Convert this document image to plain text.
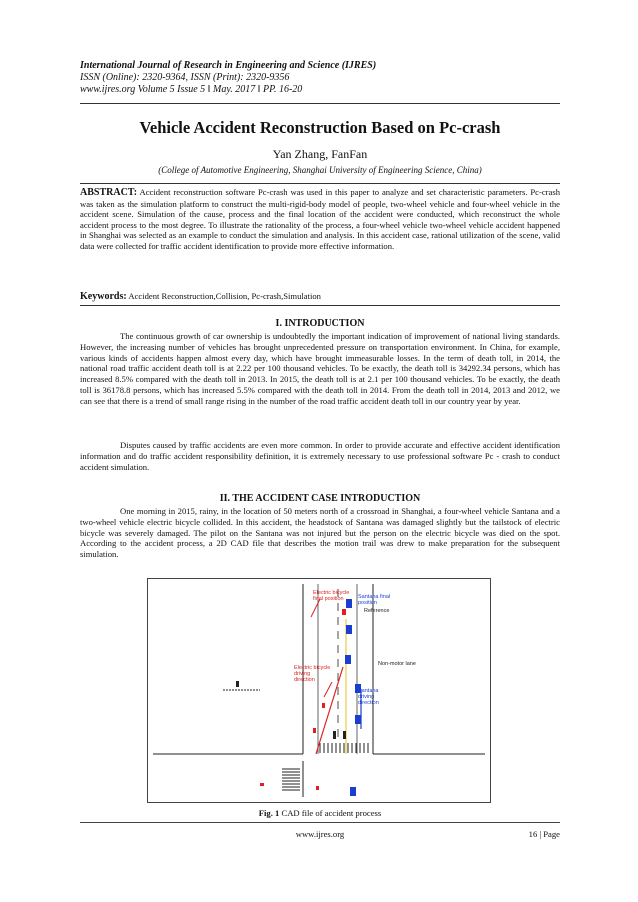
International Journal of Research in Engineering and Science (IJRES)
ISSN (Online): 2320-9364, ISSN (Print): 2320-9356
www.ijres.org Volume 5 Issue 5 ǁ May. 2017 ǁ PP. 16-20
Vehicle Accident Reconstruction Based on Pc-crash
Yan Zhang, FanFan
(College of Automotive Engineering, Shanghai University of Engineering Science, China)
ABSTRACT: Accident reconstruction software Pc-crash was used in this paper to analyze and set characteristic parameters. Pc-crash was taken as the simulation platform to construct the multi-rigid-body model of people, two-wheel vehicle and four-wheel vehicle in the accident scene. Simulation of the cause, process and the final location of the accident were conducted, which reconstruct the whole accident process to the most degree. To illustrate the rationality of the process, a four-wheel vehicle two-wheel vehicle accident happened in Shanghai was selected as an example to conduct the simulation and analysis. In this accident case, rational utilization of the scene, valid data were collected for traffic accident identification to provide more effective information.
Keywords: Accident Reconstruction,Collision, Pc-crash,Simulation
I. INTRODUCTION
The continuous growth of car ownership is undoubtedly the important indication of improvement of national living standards. However, the increasing number of vehicles has brought unprecedented pressure on transportation environment. In China, for example, various kinds of accidents happen almost every day, which have brought immeasurable losses. In the term of death toll, in 2014, the national road traffic accident death toll is at 2.22 per 100 thousand vehicles. To be exactly, the death toll is 34292.34 persons, which has increased 8.5% compared with the death toll in 2013. In 2015, the death toll is at 2.1 per 100 thousand vehicles. To be exactly, the death toll is 36178.8 persons, which has increased 5.5% compared with the death toll in 2014. From the death toll in 2014, 2013 and 2012, we can see that there is a trend of small range rising in the number of the road traffic accident death toll in our country year by year.
Disputes caused by traffic accidents are even more common. In order to provide accurate and effective accident identification information and do traffic accident responsibility definition, it is extremely necessary to use professional software Pc - crash to conduct accident simulation.
II. THE ACCIDENT CASE INTRODUCTION
One morning in 2015, rainy, in the location of 50 meters north of a crossroad in Shanghai, a four-wheel vehicle Santana and a two-wheel vehicle electric bicycle collided. In this accident, the headstock of Santana was damaged slightly but the tailstock of electric bicycle was severely damaged. The pilot on the Santana was not injured but the person on the electric bicycle was died on the spot. According to the accident process, a 2D CAD file that describes the motion trail was drew to make preparation for the subsequent simulation.
Electric bicycle
final position
Electric bicycle
driving
direction
Santana final
position
Santana
driving
direction
Reference
Non-motor lane
Fig. 1 CAD file of accident process
www.ijres.org	16 | Page
